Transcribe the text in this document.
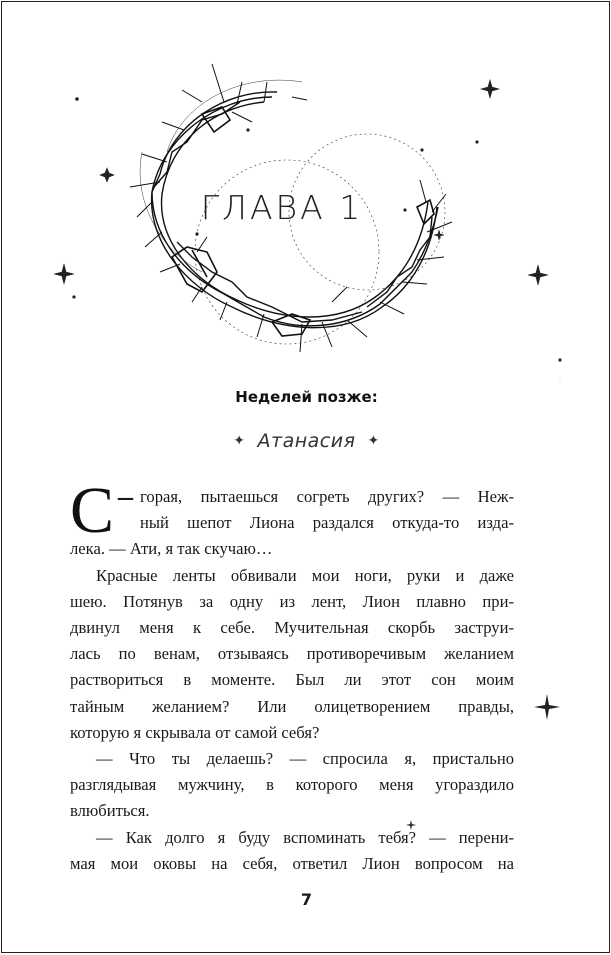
ГЛАВА 1
Неделей позже:
✦ Атанасия ✦
–
С горая, пытаешься согреть других? — Неж-
ный шепот Лиона раздался откуда-то изда-
лека. — Ати, я так скучаю…
Красные ленты обвивали мои ноги, руки и даже
шею. Потянув за одну из лент, Лион плавно при-
двинул меня к себе. Мучительная скорбь заструи-
лась по венам, отзываясь противоречивым желанием
раствориться в моменте. Был ли этот сон моим
тайным желанием? Или олицетворением правды,
которую я скрывала от самой себя?
— Что ты делаешь? — спросила я, пристально
разглядывая мужчину, в которого меня угораздило
влюбиться.
— Как долго я буду вспоминать тебя? — перени-
мая мои оковы на себя, ответил Лион вопросом на
7
